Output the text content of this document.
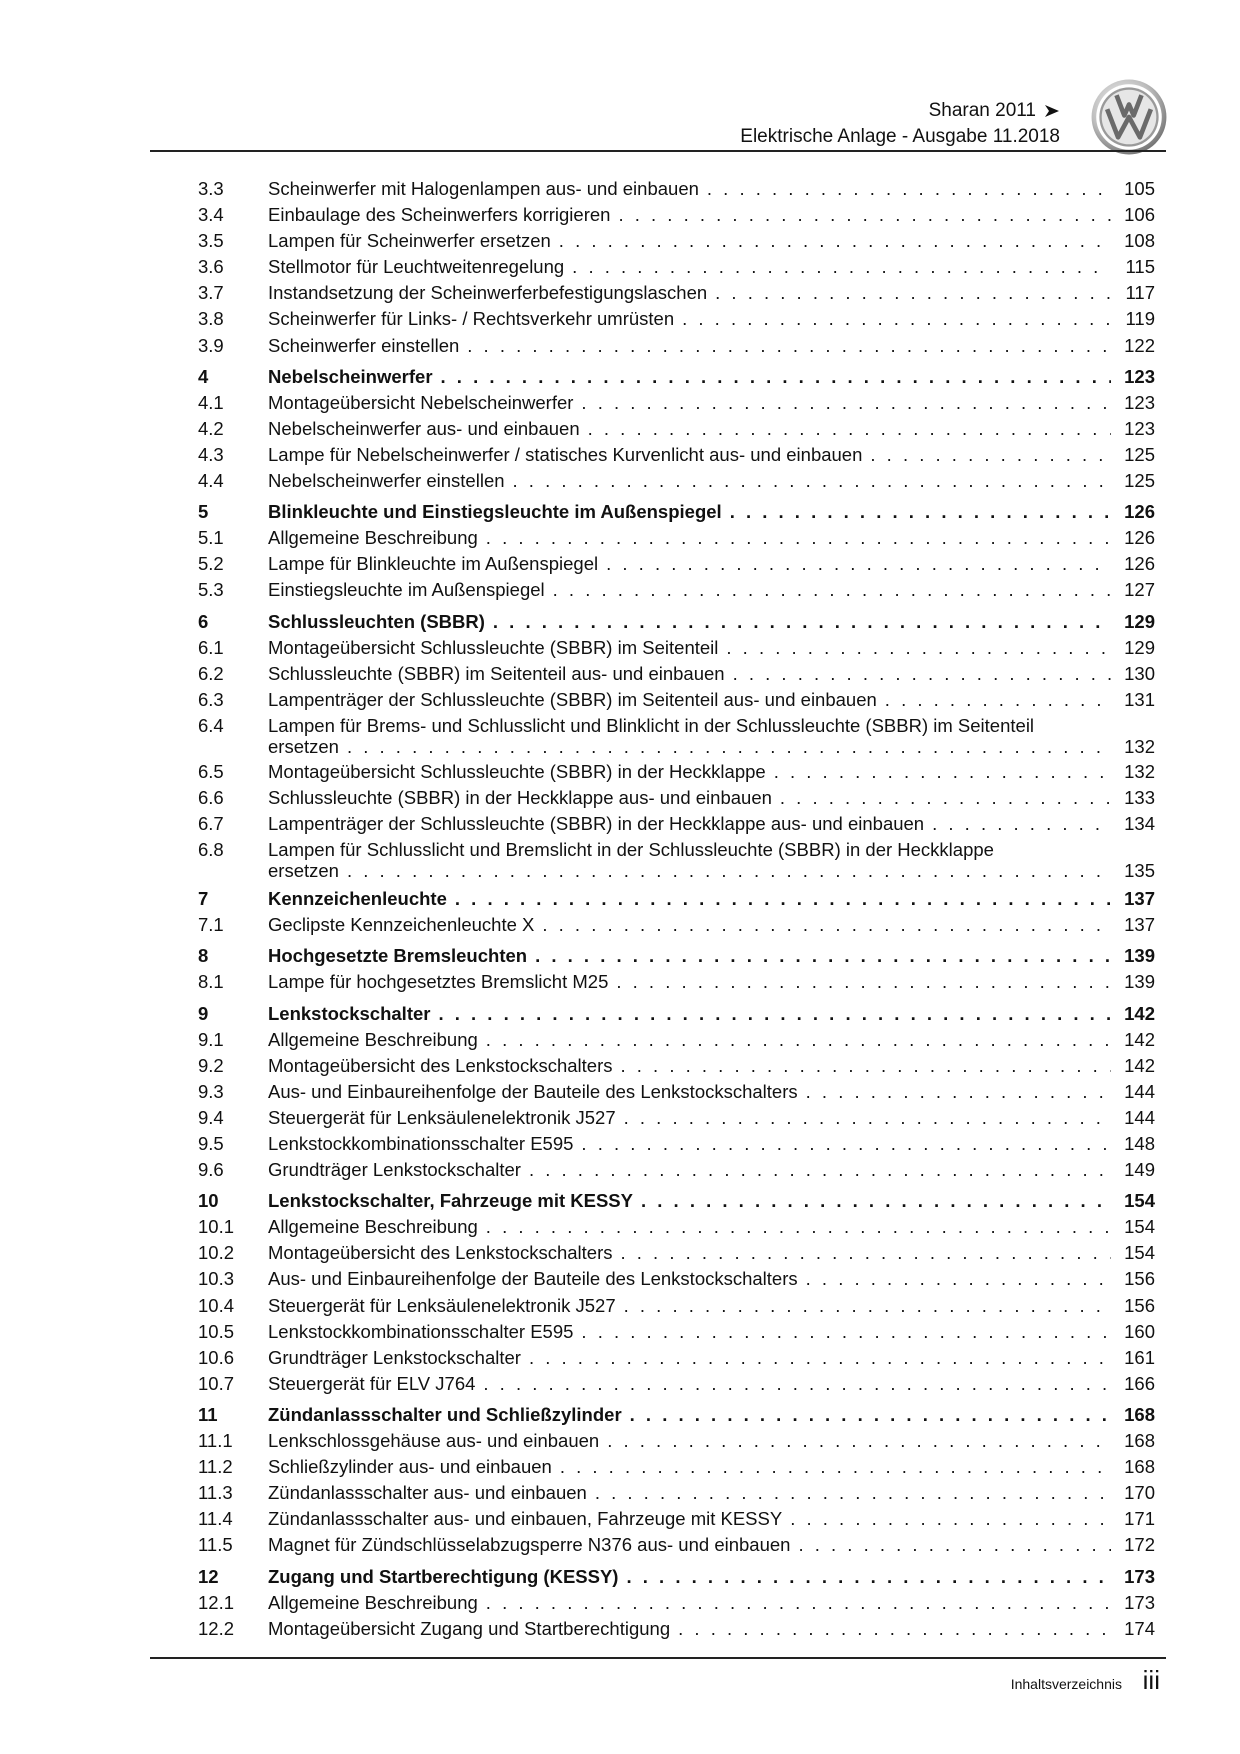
Sharan 2011
Elektrische Anlage - Ausgabe 11.2018
3.3	Scheinwerfer mit Halogenlampen aus- und einbauen . . .	105
3.4	Einbaulage des Scheinwerfers korrigieren . . .	106
3.5	Lampen für Scheinwerfer ersetzen . . .	108
3.6	Stellmotor für Leuchtweitenregelung . . .	115
3.7	Instandsetzung der Scheinwerferbefestigungslaschen . . .	117
3.8	Scheinwerfer für Links- / Rechtsverkehr umrüsten . . .	119
3.9	Scheinwerfer einstellen . . .	122
4	Nebelscheinwerfer . . .	123
4.1	Montageübersicht Nebelscheinwerfer . . .	123
4.2	Nebelscheinwerfer aus- und einbauen . . .	123
4.3	Lampe für Nebelscheinwerfer / statisches Kurvenlicht aus- und einbauen . . .	125
4.4	Nebelscheinwerfer einstellen . . .	125
5	Blinkleuchte und Einstiegsleuchte im Außenspiegel . . .	126
5.1	Allgemeine Beschreibung . . .	126
5.2	Lampe für Blinkleuchte im Außenspiegel . . .	126
5.3	Einstiegsleuchte im Außenspiegel . . .	127
6	Schlussleuchten (SBBR) . . .	129
6.1	Montageübersicht Schlussleuchte (SBBR) im Seitenteil . . .	129
6.2	Schlussleuchte (SBBR) im Seitenteil aus- und einbauen . . .	130
6.3	Lampenträger der Schlussleuchte (SBBR) im Seitenteil aus- und einbauen . . .	131
6.4	Lampen für Brems- und Schlusslicht und Blinklicht in der Schlussleuchte (SBBR) im Seitenteil
ersetzen . . .	132
6.5	Montageübersicht Schlussleuchte (SBBR) in der Heckklappe . . .	132
6.6	Schlussleuchte (SBBR) in der Heckklappe aus- und einbauen . . .	133
6.7	Lampenträger der Schlussleuchte (SBBR) in der Heckklappe aus- und einbauen . . .	134
6.8	Lampen für Schlusslicht und Bremslicht in der Schlussleuchte (SBBR) in der Heckklappe
ersetzen . . .	135
7	Kennzeichenleuchte . . .	137
7.1	Geclipste Kennzeichenleuchte X . . .	137
8	Hochgesetzte Bremsleuchten . . .	139
8.1	Lampe für hochgesetztes Bremslicht M25 . . .	139
9	Lenkstockschalter . . .	142
9.1	Allgemeine Beschreibung . . .	142
9.2	Montageübersicht des Lenkstockschalters . . .	142
9.3	Aus- und Einbaureihenfolge der Bauteile des Lenkstockschalters . . .	144
9.4	Steuergerät für Lenksäulenelektronik J527 . . .	144
9.5	Lenkstockkombinationsschalter E595 . . .	148
9.6	Grundträger Lenkstockschalter . . .	149
10	Lenkstockschalter, Fahrzeuge mit KESSY . . .	154
10.1	Allgemeine Beschreibung . . .	154
10.2	Montageübersicht des Lenkstockschalters . . .	154
10.3	Aus- und Einbaureihenfolge der Bauteile des Lenkstockschalters . . .	156
10.4	Steuergerät für Lenksäulenelektronik J527 . . .	156
10.5	Lenkstockkombinationsschalter E595 . . .	160
10.6	Grundträger Lenkstockschalter . . .	161
10.7	Steuergerät für ELV J764 . . .	166
11	Zündanlassschalter und Schließzylinder . . .	168
11.1	Lenkschlossgehäuse aus- und einbauen . . .	168
11.2	Schließzylinder aus- und einbauen . . .	168
11.3	Zündanlassschalter aus- und einbauen . . .	170
11.4	Zündanlassschalter aus- und einbauen, Fahrzeuge mit KESSY . . .	171
11.5	Magnet für Zündschlüsselabzugsperre N376 aus- und einbauen . . .	172
12	Zugang und Startberechtigung (KESSY) . . .	173
12.1	Allgemeine Beschreibung . . .	173
12.2	Montageübersicht Zugang und Startberechtigung . . .	174
Inhaltsverzeichnis iii
